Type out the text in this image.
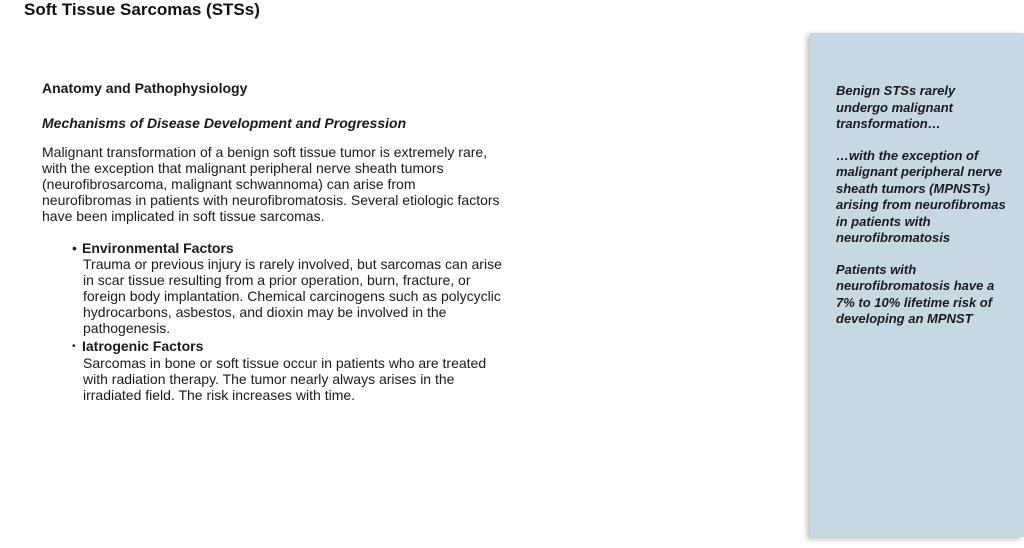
Soft Tissue Sarcomas (STSs)
Anatomy and Pathophysiology
Mechanisms of Disease Development and Progression
Malignant transformation of a benign soft tissue tumor is extremely rare, with the exception that malignant peripheral nerve sheath tumors (neurofibrosarcoma, malignant schwannoma) can arise from neurofibromas in patients with neurofibromatosis. Several etiologic factors have been implicated in soft tissue sarcomas.
• Environmental Factors
Trauma or previous injury is rarely involved, but sarcomas can arise in scar tissue resulting from a prior operation, burn, fracture, or foreign body implantation. Chemical carcinogens such as polycyclic hydrocarbons, asbestos, and dioxin may be involved in the pathogenesis.
• Iatrogenic Factors
Sarcomas in bone or soft tissue occur in patients who are treated with radiation therapy. The tumor nearly always arises in the irradiated field. The risk increases with time.
Benign STSs rarely undergo malignant transformation…
…with the exception of malignant peripheral nerve sheath tumors (MPNSTs) arising from neurofibromas in patients with neurofibromatosis
Patients with neurofibromatosis have a 7% to 10% lifetime risk of developing an MPNST
